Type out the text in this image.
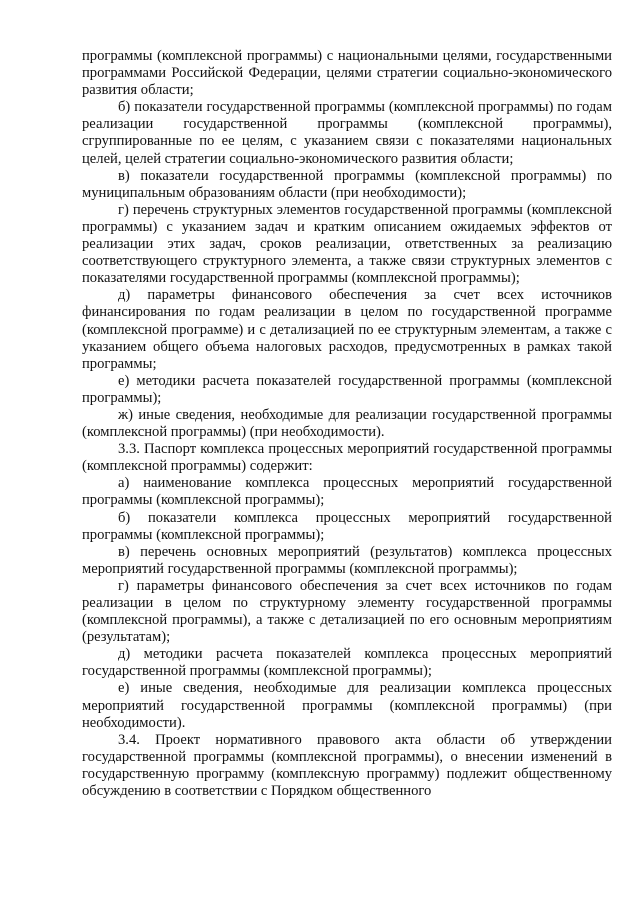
программы (комплексной программы) с национальными целями, государственными программами Российской Федерации, целями стратегии социально-экономического развития области;

б) показатели государственной программы (комплексной программы) по годам реализации государственной программы (комплексной программы), сгруппированные по ее целям, с указанием связи с показателями национальных целей, целей стратегии социально-экономического развития области;

в) показатели государственной программы (комплексной программы) по муниципальным образованиям области (при необходимости);

г) перечень структурных элементов государственной программы (комплексной программы) с указанием задач и кратким описанием ожидаемых эффектов от реализации этих задач, сроков реализации, ответственных за реализацию соответствующего структурного элемента, а также связи структурных элементов с показателями государственной программы (комплексной программы);

д) параметры финансового обеспечения за счет всех источников финансирования по годам реализации в целом по государственной программе (комплексной программе) и с детализацией по ее структурным элементам, а также с указанием общего объема налоговых расходов, предусмотренных в рамках такой программы;

е) методики расчета показателей государственной программы (комплексной программы);

ж) иные сведения, необходимые для реализации государственной программы (комплексной программы) (при необходимости).

3.3. Паспорт комплекса процессных мероприятий государственной программы (комплексной программы) содержит:

а) наименование комплекса процессных мероприятий государственной программы (комплексной программы);

б) показатели комплекса процессных мероприятий государственной программы (комплексной программы);

в) перечень основных мероприятий (результатов) комплекса процессных мероприятий государственной программы (комплексной программы);

г) параметры финансового обеспечения за счет всех источников по годам реализации в целом по структурному элементу государственной программы (комплексной программы), а также с детализацией по его основным мероприятиям (результатам);

д) методики расчета показателей комплекса процессных мероприятий государственной программы (комплексной программы);

е) иные сведения, необходимые для реализации комплекса процессных мероприятий государственной программы (комплексной программы) (при необходимости).

3.4. Проект нормативного правового акта области об утверждении государственной программы (комплексной программы), о внесении изменений в государственную программу (комплексную программу) подлежит общественному обсуждению в соответствии с Порядком общественного
